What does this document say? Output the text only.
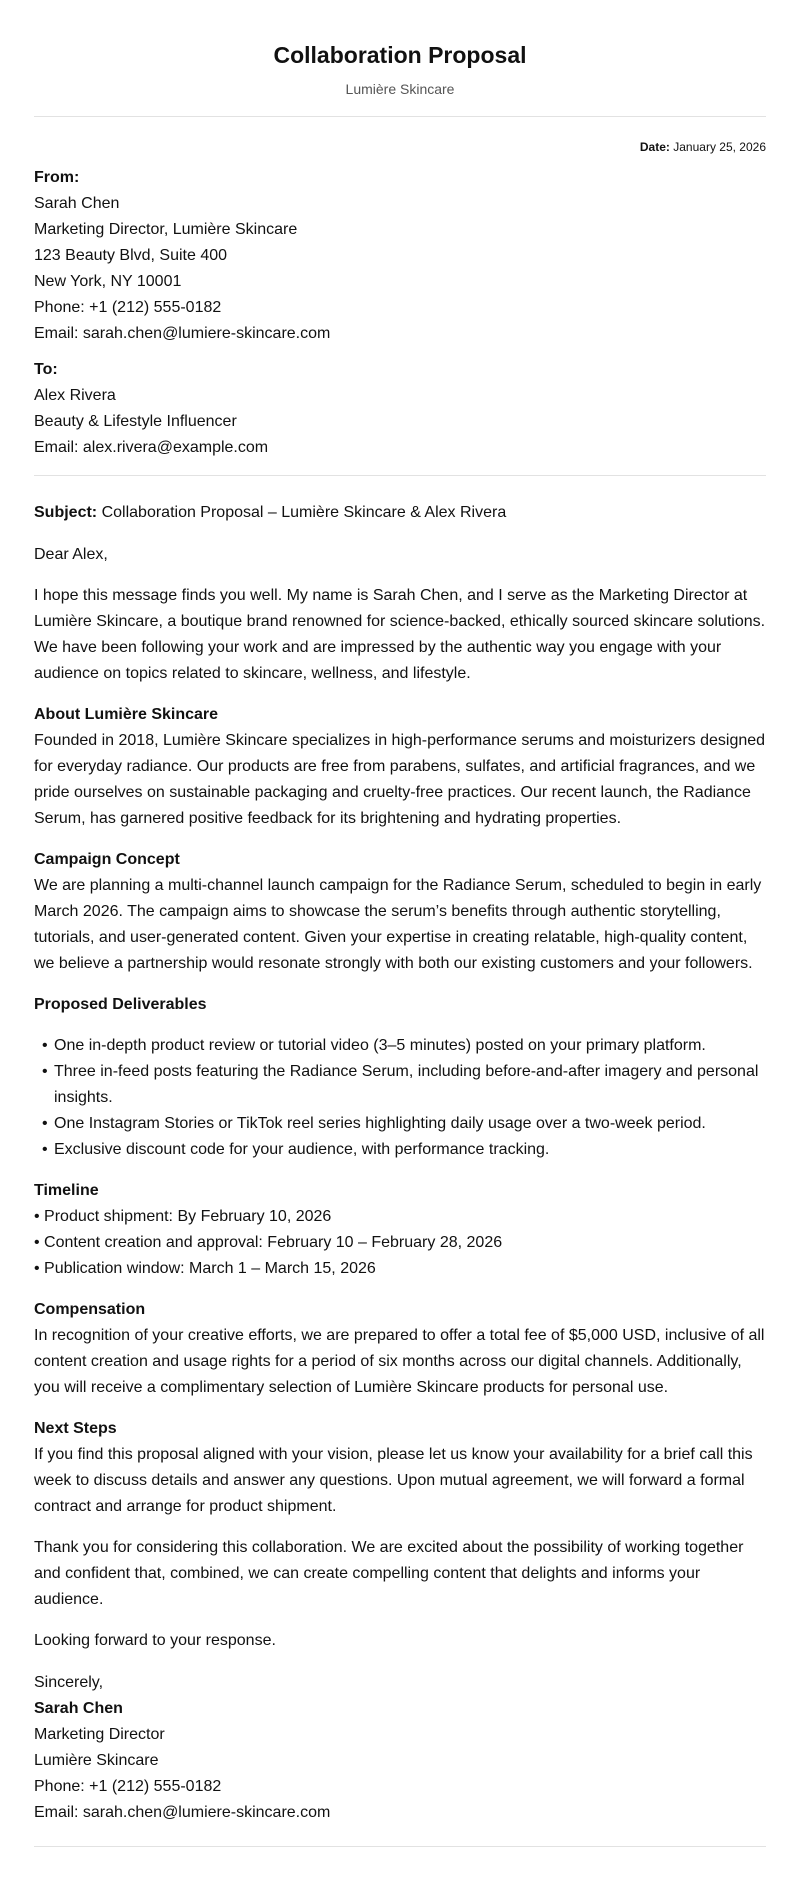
Collaboration Proposal
Lumière Skincare
Date: January 25, 2026
From:
Sarah Chen
Marketing Director, Lumière Skincare
123 Beauty Blvd, Suite 400
New York, NY 10001
Phone: +1 (212) 555-0182
Email: sarah.chen@lumiere-skincare.com
To:
Alex Rivera
Beauty & Lifestyle Influencer
Email: alex.rivera@example.com
Subject: Collaboration Proposal – Lumière Skincare & Alex Rivera
Dear Alex,

I hope this message finds you well. My name is Sarah Chen, and I serve as the Marketing Director at Lumière Skincare, a boutique brand renowned for science-backed, ethically sourced skincare solutions. We have been following your work and are impressed by the authentic way you engage with your audience on topics related to skincare, wellness, and lifestyle.

About Lumière Skincare
Founded in 2018, Lumière Skincare specializes in high-performance serums and moisturizers designed for everyday radiance. Our products are free from parabens, sulfates, and artificial fragrances, and we pride ourselves on sustainable packaging and cruelty-free practices. Our recent launch, the Radiance Serum, has garnered positive feedback for its brightening and hydrating properties.
Campaign Concept
We are planning a multi-channel launch campaign for the Radiance Serum, scheduled to begin in early March 2026. The campaign aims to showcase the serum’s benefits through authentic storytelling, tutorials, and user-generated content. Given your expertise in creating relatable, high-quality content, we believe a partnership would resonate strongly with both our existing customers and your followers.
Proposed Deliverables
• One in-depth product review or tutorial video (3–5 minutes) posted on your primary platform.
• Three in-feed posts featuring the Radiance Serum, including before-and-after imagery and personal insights.
• One Instagram Stories or TikTok reel series highlighting daily usage over a two-week period.
• Exclusive discount code for your audience, with performance tracking.
Timeline
• Product shipment: By February 10, 2026
• Content creation and approval: February 10 – February 28, 2026
• Publication window: March 1 – March 15, 2026
Compensation
In recognition of your creative efforts, we are prepared to offer a total fee of $5,000 USD, inclusive of all content creation and usage rights for a period of six months across our digital channels. Additionally, you will receive a complimentary selection of Lumière Skincare products for personal use.
Next Steps
If you find this proposal aligned with your vision, please let us know your availability for a brief call this week to discuss details and answer any questions. Upon mutual agreement, we will forward a formal contract and arrange for product shipment.

Thank you for considering this collaboration. We are excited about the possibility of working together and confident that, combined, we can create compelling content that delights and informs your audience.

Looking forward to your response.
Sincerely,
Sarah Chen
Marketing Director
Lumière Skincare
Phone: +1 (212) 555-0182
Email: sarah.chen@lumiere-skincare.com
